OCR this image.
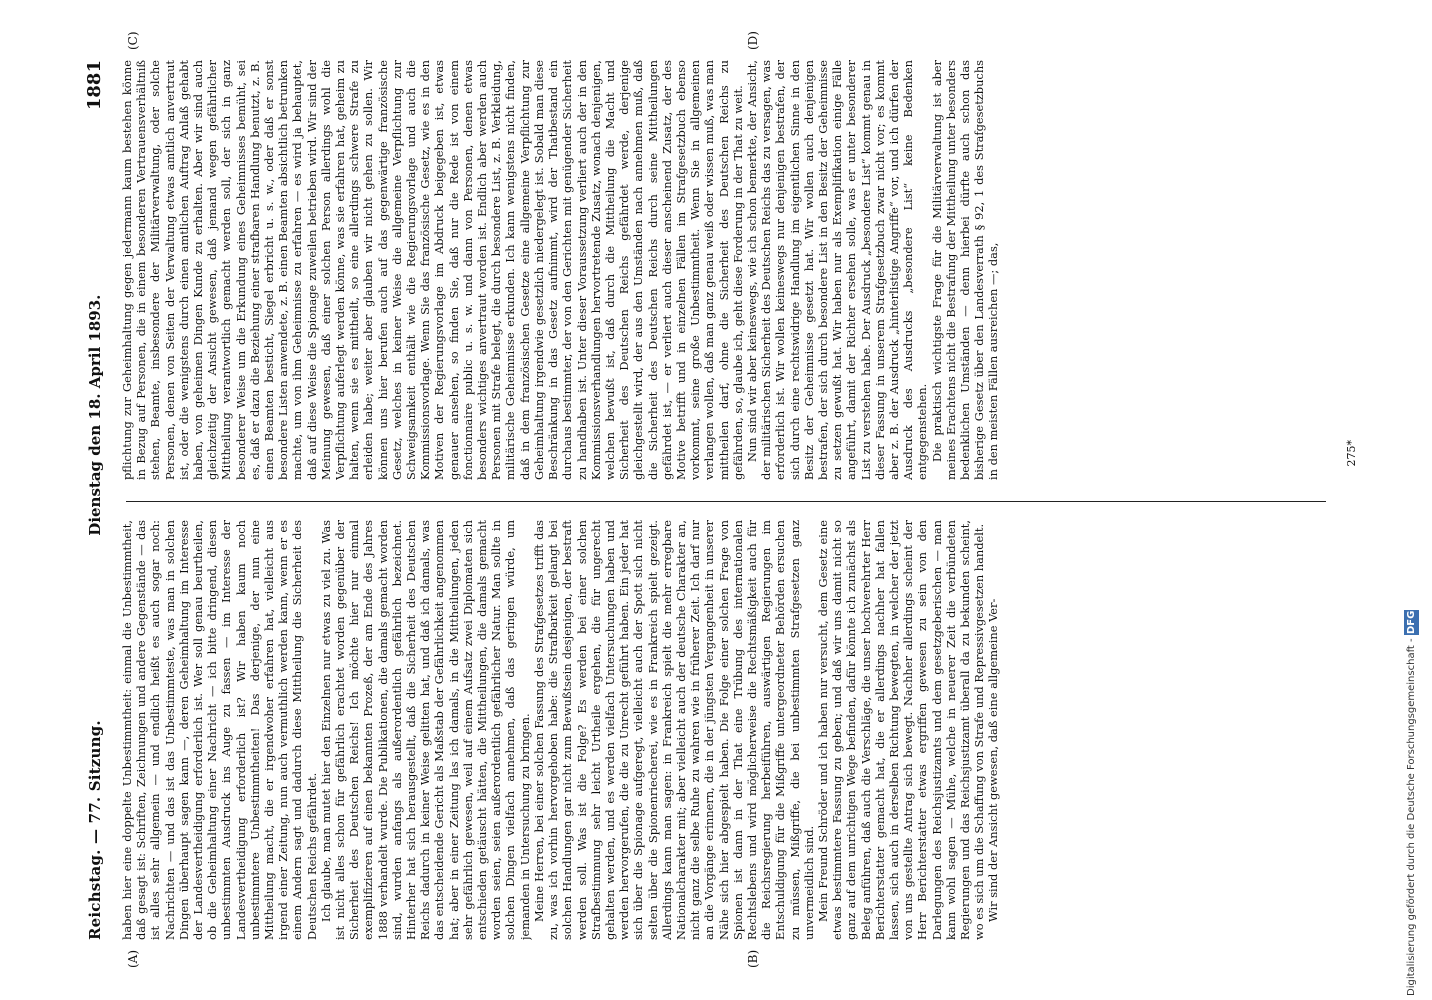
Reichstag. — 77. Sitzung.
Dienstag den 18. April 1893.
1881

haben hier eine doppelte Unbestimmtheit: einmal die Unbestimmtheit, daß gesagt ist: Schriften, Zeichnungen und andere Gegenstände — das ist alles sehr allgemein — und endlich heißt es auch sogar noch: Nachrichten — und das ist das Unbestimmteste, was man in solchen Dingen überhaupt sagen kann —, deren Geheimhaltung im Interesse der Landesvertheidigung erforderlich ist. Wer soll genau beurtheilen, ob die Geheimhaltung einer Nachricht — ich bitte dringend, diesen unbestimmten Ausdruck ins Auge zu fassen — im Interesse der Landesvertheidigung erforderlich ist? Wir haben kaum noch unbestimmtere Unbestimmtheiten! Das derjenige, der nun eine Mittheilung macht, die er irgendwoher erfahren hat, vielleicht aus irgend einer Zeitung, nun auch vermuthlich werden kann, wenn er es einem Andern sagt und dadurch diese Mittheilung die Sicherheit des Deutschen Reichs gefährdet. Ich glaube, man mutet hier den Einzelnen nur etwas zu viel zu. Was ist nicht alles schon für gefährlich erachtet worden gegenüber der Sicherheit des Deutschen Reichs! Ich möchte hier nur einmal exemplifizieren auf einen bekannten Prozeß, der am Ende des Jahres 1888 verhandelt wurde. Die Publikationen, die damals gemacht worden sind, wurden anfangs als außerordentlich gefährlich bezeichnet. Hinterher hat sich herausgestellt, daß die Sicherheit des Deutschen Reichs dadurch in keiner Weise gelitten hat, und daß ich damals, was das entscheidende Gericht als Maßstab der Gefährlichkeit angenommen hat; aber in einer Zeitung las ich damals, in die Mittheilungen, jeden sehr gefährlich gewesen, weil auf einem Aufsatz zwei Diplomaten sich entschieden getäuscht hätten, die Mittheilungen, die damals gemacht worden seien, seien außerordentlich gefährlicher Natur. Man sollte in solchen Dingen vielfach annehmen, daß das geringen würde, um jemanden in Untersuchung zu bringen. Meine Herren, bei einer solchen Fassung des Strafgesetzes trifft das zu, was ich vorhin hervorgehoben habe: die Strafbarkeit gelangt bei solchen Handlungen gar nicht zum Bewußtsein desjenigen, der bestraft werden soll. Was ist die Folge? Es werden bei einer solchen Strafbestimmung sehr leicht Urtheile ergehen, die für ungerecht gehalten werden, und es werden vielfach Untersuchungen haben und werden hervorgerufen, die die zu Unrecht geführt haben. Ein jeder hat sich über die Spionage aufgeregt, vielleicht auch der Spott sich nicht selten über die Spionenriecherei, wie es in Frankreich spielt gezeigt. Allerdings kann man sagen: in Frankreich spielt die mehr erregbare Nationalcharakter mit; aber vielleicht auch der deutsche Charakter an, nicht ganz die selbe Ruhe zu wahren wie in früherer Zeit. Ich darf nur an die Vorgänge erinnern, die in der jüngsten Vergangenheit in unserer Nähe sich hier abgespielt haben. Die Folge einer solchen Frage von Spionen ist dann in der That eine Trübung des internationalen Rechtslebens und wird möglicherweise die Rechtsmäßigkeit auch für die Reichsregierung herbeiführen, auswärtigen Regierungen im Entschuldigung für die Mißgriffe untergeordneter Behörden ersuchen zu müssen, Mißgriffe, die bei unbestimmten Strafgesetzen ganz unvermeidlich sind. Mein Freund Schröder und ich haben nur versucht, dem Gesetz eine etwas bestimmtere Fassung zu geben; und daß wir uns damit nicht so ganz auf dem unrichtigen Wege befinden, dafür könnte ich zunächst als Beleg anführen, daß auch die Verschläge, die unser hochverehrter Herr Berichterstatter gemacht hat, die er allerdings nachher hat fallen lassen, sich auch in derselben Richtung bewegten, in welcher der jetzt von uns gestellte Antrag sich bewegt. Nachher allerdings scheint der Herr Berichterstatter etwas ergriffen gewesen zu sein von den Darlegungen des Reichsjustizamts und dem gesetzgeberischen — man kann wohl sagen — Mühe, welche in neuerer Zeit die verbündeten Regierungen und das Reichsjustizamt überall da zu bekunden scheint, wo es sich um die Schaffung von Strafe und Repressivgesetzen handelt. Wir sind der Ansicht gewesen, daß eine allgemeine Ver-

pflichtung zur Geheimhaltung gegen jedermann kaum bestehen könne in Bezug auf Personen, die in einem besonderen Vertrauensverhältniß stehen, Beamte, insbesondere der Militärverwaltung, oder solche Personen, denen von Seiten der Verwaltung etwas amtlich anvertraut ist, oder die wenigstens durch einen amtlichen Auftrag Anlaß gehabt haben, von geheimen Dingen Kunde zu erhalten. Aber wir sind auch gleichzeitig der Ansicht gewesen, daß jemand wegen gefährlicher Mittheilung verantwortlich gemacht werden soll, der sich in ganz besonderer Weise um die Erkundung eines Geheimnisses bemüht, sei es, daß er dazu die Beziehung einer strafbaren Handlung benutzt, z. B. einen Beamten besticht, Siegel erbricht u. s. w., oder daß er sonst besondere Listen anwendete, z. B. einen Beamten absichtlich betrunken machte, um von ihm Geheimnisse zu erfahren — es wird ja behauptet, daß auf diese Weise die Spionage zuweilen betrieben wird. Wir sind der Meinung gewesen, daß einer solchen Person allerdings wohl die Verpflichtung auferlegt werden könne, was sie erfahren hat, geheim zu halten, wenn sie es mittheilt, so eine allerdings schwere Strafe zu erleiden habe; weiter aber glauben wir nicht gehen zu sollen. Wir können uns hier berufen auch auf das gegenwärtige französische Gesetz, welches in keiner Weise die allgemeine Verpflichtung zur Schweigsamkeit enthält wie die Regierungsvorlage und auch die Kommissionsvorlage. Wenn Sie das französische Gesetz, wie es in den Motiven der Regierungsvorlage im Abdruck beigegeben ist, etwas genauer ansehen, so finden Sie, daß nur die Rede ist von einem fonctionnaire public u. s. w. und dann von Personen, denen etwas besonders wichtiges anvertraut worden ist. Endlich aber werden auch Personen mit Strafe belegt, die durch besondere List, z. B. Verkleidung, militärische Geheimnisse erkunden. Ich kann wenigstens nicht finden, daß in dem französischen Gesetze eine allgemeine Verpflichtung zur Geheimhaltung irgendwie gesetzlich niedergelegt ist. Sobald man diese Beschränkung in das Gesetz aufnimmt, wird der Thatbestand ein durchaus bestimmter, der von den Gerichten mit genügender Sicherheit zu handhaben ist. Unter dieser Voraussetzung verliert auch der in den Kommissionsverhandlungen hervortretende Zusatz, wonach denjenigen, welchen bewußt ist, daß durch die Mittheilung die Macht und Sicherheit des Deutschen Reichs gefährdet werde, derjenige gleichgestellt wird, der aus den Umständen nach annehmen muß, daß die Sicherheit des Deutschen Reichs durch seine Mittheilungen gefährdet ist, — er verliert auch dieser anscheinend Zusatz, der des Motive betrifft und in einzelnen Fällen im Strafgesetzbuch ebenso vorkommt, seine große Unbestimmtheit. Wenn Sie in allgemeinen verlangen wollen, daß man ganz genau weiß oder wissen muß, was man mittheilen darf, ohne die Sicherheit des Deutschen Reichs zu gefährden, so, glaube ich, geht diese Forderung in der That zu weit. Nun sind wir aber keineswegs, wie ich schon bemerkte, der Ansicht, der militärischen Sicherheit des Deutschen Reichs das zu versagen, was erforderlich ist. Wir wollen keineswegs nur denjenigen bestrafen, der sich durch eine rechtswidrige Handlung im eigentlichen Sinne in den Besitz der Geheimnisse gesetzt hat. Wir wollen auch denjenigen bestrafen, der sich durch besondere List in den Besitz der Geheimnisse zu setzen gewußt hat. Wir haben nur als Exemplifikation einige Fälle angeführt, damit der Richter ersehen solle, was er unter besonderer List zu verstehen habe. Der Ausdruck „besondere List“ kommt genau in dieser Fassung in unserem Strafgesetzbuch zwar nicht vor; es kommt aber z. B. der Ausdruck „hinterlistige Angriffe“ vor, und ich dürfen der Ausdruck des Ausdrucks „besondere List“ keine Bedenken entgegenstehen. Die praktisch wichtigste Frage für die Militärverwaltung ist aber meines Erachtens nicht die Bestrafung der Mittheilung unter besonders bedenklichen Umständen — denn hierbei dürfte auch schon das bisherige Gesetz über den Landesverrath § 92, 1 des Strafgesetzbuchs in den meisten Fällen ausreichen —; das,

(A)	(B)
(C)	(D)
275*
Digitalisierung gefördert durch die Deutsche Forschungsgemeinschaft - DFG
